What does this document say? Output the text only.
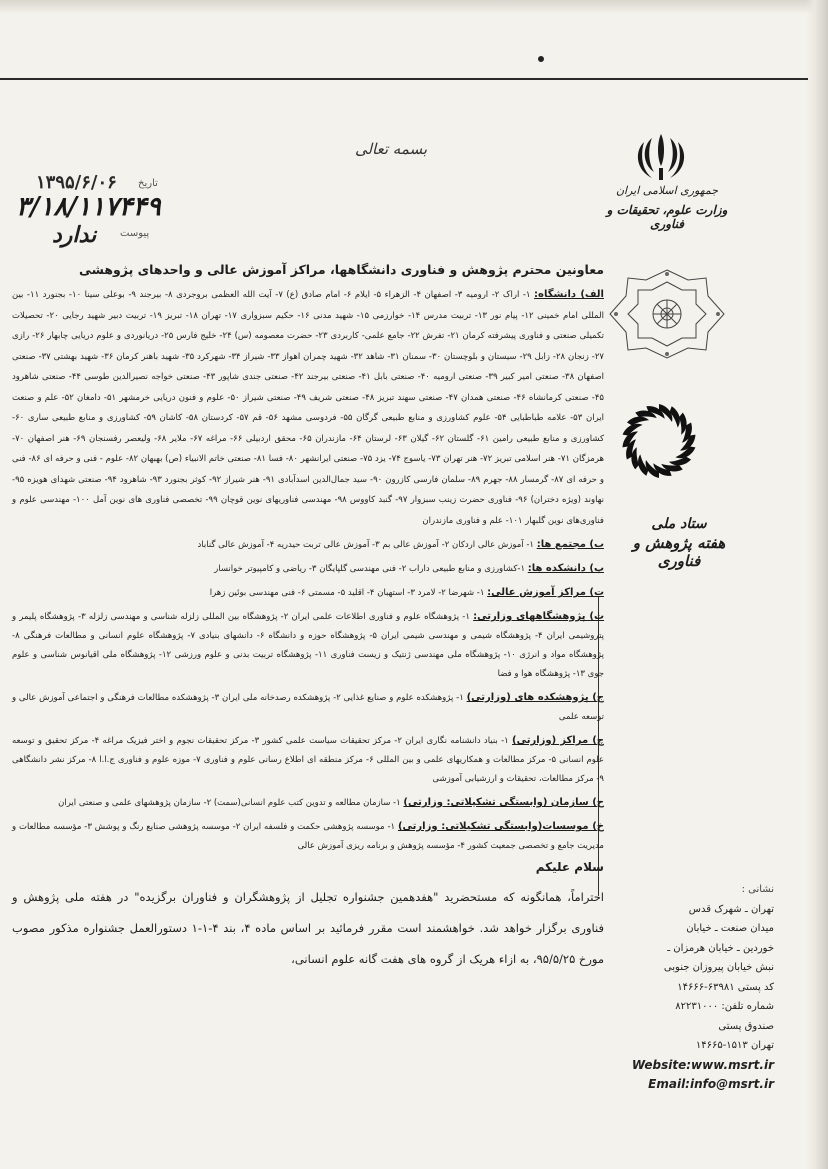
تاریخ
۱۳۹۵/۶/۰۶
۳/۱۸/۱۱۷۴۴۹
پیوست
ندارد
بسمه تعالی
جمهوری اسلامی ایران
وزارت علوم، تحقیقات و فناوری
ستاد ملی
هفته پژوهش و فناوری
معاونین محترم پژوهش و فناوری دانشگاهها، مراکز آموزش عالی و واحدهای پژوهشی
الف) دانشگاه: ۱- اراک ۲- ارومیه ۳- اصفهان ۴- الزهراء ۵- ایلام ۶- امام صادق (ع) ۷- آیت الله العظمی بروجردی ۸- بیرجند ۹- بوعلی سینا ۱۰- بجنورد ۱۱- بین المللی امام خمینی ۱۲- پیام نور ۱۳- تربیت مدرس ۱۴- خوارزمی ۱۵- شهید مدنی ۱۶- حکیم سبزواری ۱۷- تهران ۱۸- تبریز ۱۹- تربیت دبیر شهید رجایی ۲۰- تحصیلات تکمیلی صنعتی و فناوری پیشرفته کرمان ۲۱- تفرش ۲۲- جامع علمی- کاربردی ۲۳- حضرت معصومه (س) ۲۴- خلیج فارس ۲۵- دریانوردی و علوم دریایی چابهار ۲۶- رازی ۲۷- زنجان ۲۸- زابل ۲۹- سیستان و بلوچستان ۳۰- سمنان ۳۱- شاهد ۳۲- شهید چمران اهواز ۳۳- شیراز ۳۴- شهرکرد ۳۵- شهید باهنر کرمان ۳۶- شهید بهشتی ۳۷- صنعتی اصفهان ۳۸- صنعتی امیر کبیر ۳۹- صنعتی ارومیه ۴۰- صنعتی بابل ۴۱- صنعتی بیرجند ۴۲- صنعتی جندی شاپور ۴۳- صنعتی خواجه نصیرالدین طوسی ۴۴- صنعتی شاهرود ۴۵- صنعتی کرمانشاه ۴۶- صنعتی همدان ۴۷- صنعتی سهند تبریز ۴۸- صنعتی شریف ۴۹- صنعتی شیراز ۵۰- علوم و فنون دریایی خرمشهر ۵۱- دامغان ۵۲- علم و صنعت ایران ۵۳- علامه طباطبایی ۵۴- علوم کشاورزی و منابع طبیعی گرگان ۵۵- فردوسی مشهد ۵۶- قم ۵۷- کردستان ۵۸- کاشان ۵۹- کشاورزی و منابع طبیعی ساری ۶۰- کشاورزی و منابع طبیعی رامین ۶۱- گلستان ۶۲- گیلان ۶۳- لرستان ۶۴- مازندران ۶۵- محقق اردبیلی ۶۶- مراغه ۶۷- ملایر ۶۸- ولیعصر رفسنجان ۶۹- هنر اصفهان ۷۰- هرمزگان ۷۱- هنر اسلامی تبریز ۷۲- هنر تهران ۷۳- یاسوج ۷۴- یزد ۷۵- صنعتی ایرانشهر ۸۰- فسا ۸۱- صنعتی خاتم الانبیاء (ص) بهبهان ۸۲- علوم - فنی و حرفه ای ۸۶- فنی و حرفه ای ۸۷- گرمسار ۸۸- جهرم ۸۹- سلمان فارسی کازرون ۹۰- سید جمال‌الدین اسدآبادی ۹۱- هنر شیراز ۹۲- کوثر بجنورد ۹۳- شاهرود ۹۴- صنعتی شهدای هویزه ۹۵- نهاوند (ویژه دختران) ۹۶- فناوری حضرت زینب سبزوار ۹۷- گنبد کاووس ۹۸- مهندسی فناوریهای نوین قوچان ۹۹- تخصصی فناوری های نوین آمل ۱۰۰- مهندسی علوم و فناوری‌های نوین گلبهار ۱۰۱- علم و فناوری مازندران
ب) مجتمع ها: ۱- آموزش عالی اردکان ۲- آموزش عالی بم ۳- آموزش عالی تربت حیدریه ۴- آموزش عالی گناباد
پ) دانشکده ها: ۱-کشاورزی و منابع طبیعی داراب ۲- فنی مهندسی گلپایگان ۳- ریاضی و کامپیوتر خوانسار
ت) مراکز آموزش عالی: ۱- شهرضا ۲- لامرد ۳- استهبان ۴- اقلید ۵- مسمتی ۶- فنی مهندسی بوئین زهرا
ث) پژوهشگاههای وزارتی: ۱- پژوهشگاه علوم و فناوری اطلاعات علمی ایران ۲- پژوهشگاه بین المللی زلزله شناسی و مهندسی زلزله ۳- پژوهشگاه پلیمر و پتروشیمی ایران ۴- پژوهشگاه شیمی و مهندسی شیمی ایران ۵- پژوهشگاه حوزه و دانشگاه ۶- دانشهای بنیادی ۷- پژوهشگاه علوم انسانی و مطالعات فرهنگی ۸- پژوهشگاه مواد و انرژی ۱۰- پژوهشگاه ملی مهندسی ژنتیک و زیست فناوری ۱۱- پژوهشگاه تربیت بدنی و علوم ورزشی ۱۲- پژوهشگاه ملی اقیانوس شناسی و علوم جوی ۱۳- پژوهشگاه هوا و فضا
ج) پژوهشکده های (وزارتی) ۱- پژوهشکده علوم و صنایع غذایی ۲- پژوهشکده رصدخانه ملی ایران ۳- پژوهشکده مطالعات فرهنگی و اجتماعی آموزش عالی و توسعه علمی
چ) مراکز (وزارتی) ۱- بنیاد دانشنامه نگاری ایران ۲- مرکز تحقیقات سیاست علمی کشور ۳- مرکز تحقیقات نجوم و اختر فیزیک مراغه ۴- مرکز تحقیق و توسعه علوم انسانی ۵- مرکز مطالعات و همکاریهای علمی و بین المللی ۶- مرکز منطقه ای اطلاع رسانی علوم و فناوری ۷- موزه علوم و فناوری ج.ا.ا ۸- مرکز نشر دانشگاهی ۹- مرکز مطالعات، تحقیقات و ارزشیابی آموزشی
ح) سازمان (وابستگی تشکیلاتی: وزارتی) ۱- سازمان مطالعه و تدوین کتب علوم انسانی(سمت) ۲- سازمان پژوهشهای علمی و صنعتی ایران
خ) موسسات(وابستگی تشکیلاتی: وزارتی) ۱- موسسه پژوهشی حکمت و فلسفه ایران ۲- موسسه پژوهشی صنایع رنگ و پوشش ۳- مؤسسه مطالعات و مدیریت جامع و تخصصی جمعیت کشور ۴- مؤسسه پژوهش و برنامه ریزی آموزش عالی
سلام علیکم
احتراماً، همانگونه که مستحضرید "هفدهمین جشنواره تجلیل از پژوهشگران و فناوران برگزیده" در هفته ملی پژوهش و فناوری برگزار خواهد شد. خواهشمند است مقرر فرمائید بر اساس ماده ۴، بند ۴-۱-۱ دستورالعمل جشنواره مذکور مصوب مورخ ۹۵/۵/۲۵، به ازاء هریک از گروه های هفت گانه علوم انسانی،
نشانی :
تهران ـ شهرک قدس
میدان صنعت ـ خیابان
خوردین ـ خیابان هرمزان ـ
نبش خیابان پیروزان جنوبی
کد پستی ۶۳۹۸۱-۱۴۶۶۶
شماره تلفن: ۸۲۲۳۱۰۰۰
صندوق پستی
تهران ۱۵۱۳-۱۴۶۶۵
Website:www.msrt.ir
Email:info@msrt.ir
